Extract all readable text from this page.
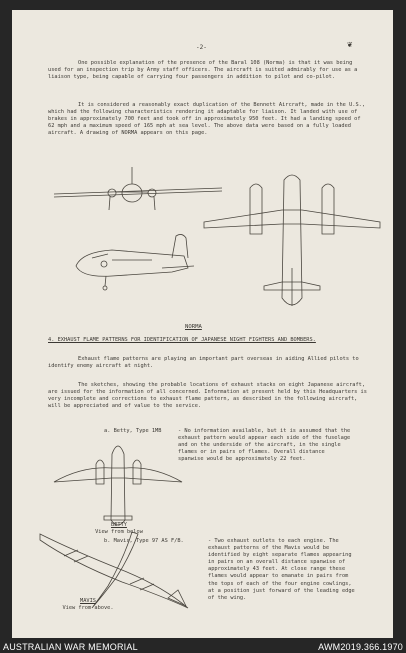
-2-	❦

One possible explanation of the presence of the Baral 108 (Norma) is that it was being used for an inspection trip by Army staff officers. The aircraft is suited admirably for use as a liaison type, being capable of carrying four passengers in addition to pilot and co-pilot.

It is considered a reasonably exact duplication of the Bennett Aircraft, made in the U.S., which had the following characteristics rendering it adaptable for liaison. It landed with use of brakes in approximately 700 feet and took off in approximately 950 feet. It had a landing speed of 62 mph and a maximum speed of 165 mph at sea level. The above data were based on a fully loaded aircraft. A drawing of NORMA appears on this page.

NORMA
4. EXHAUST FLAME PATTERNS FOR IDENTIFICATION OF JAPANESE NIGHT FIGHTERS AND BOMBERS.

Exhaust flame patterns are playing an important part overseas in aiding Allied pilots to identify enemy aircraft at night.

The sketches, showing the probable locations of exhaust stacks on eight Japanese aircraft, are issued for the information of all concerned. Information at present held by this Headquarters is very incomplete and corrections to exhaust flame pattern, as described in the following aircraft, will be appreciated and of value to the service.

a. Betty, Type 1MB	- No information available, but it is assumed that the exhaust pattern would appear each side of the fuselage and on the underside of the aircraft, in the single flames or in pairs of flames. Overall distance spanwise would be approximately 22 feet.

BETTY
View from below
b. Mavis, Type 97 AS F/B.	- Two exhaust outlets to each engine. The exhaust patterns of the Mavis would be identified by eight separate flames appearing in pairs on an overall distance spanwise of approximately 43 feet. At close range these flames would appear to emanate in pairs from the tops of each of the four engine cowlings, at a position just forward of the leading edge of the wing.

MAVIS
View from above.
AUSTRALIAN WAR MEMORIAL	AWM2019.366.1970
